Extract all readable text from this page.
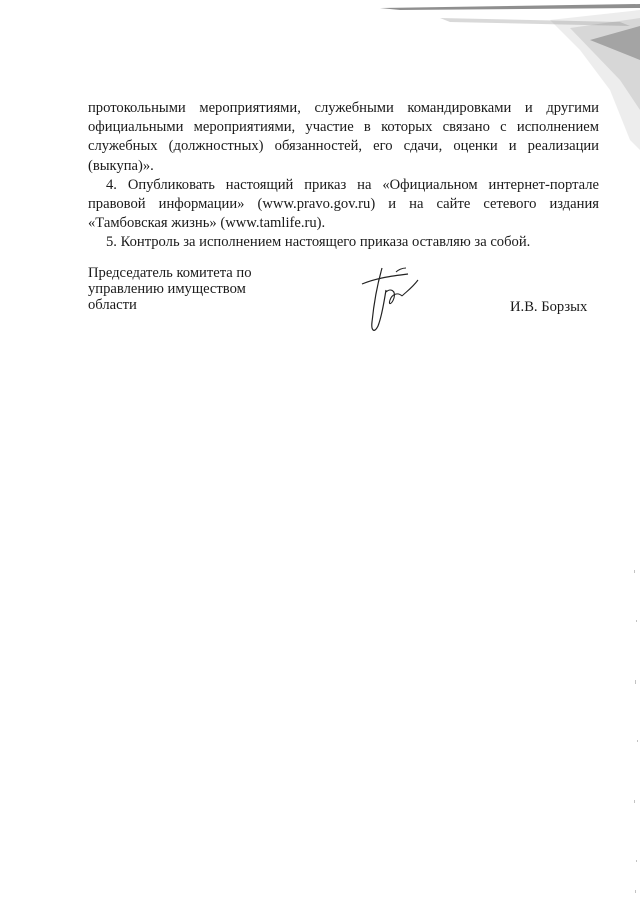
протокольными мероприятиями, служебными командировками и другими официальными мероприятиями, участие в которых связано с исполнением служебных (должностных) обязанностей, его сдачи, оценки и реализации (выкупа)».

4. Опубликовать настоящий приказ на «Официальном интернет-портале правовой информации» (www.pravo.gov.ru) и на сайте сетевого издания «Тамбовская жизнь» (www.tamlife.ru).

5. Контроль за исполнением настоящего приказа оставляю за собой.

Председатель комитета по
управлению имуществом
области	И.В. Борзых
